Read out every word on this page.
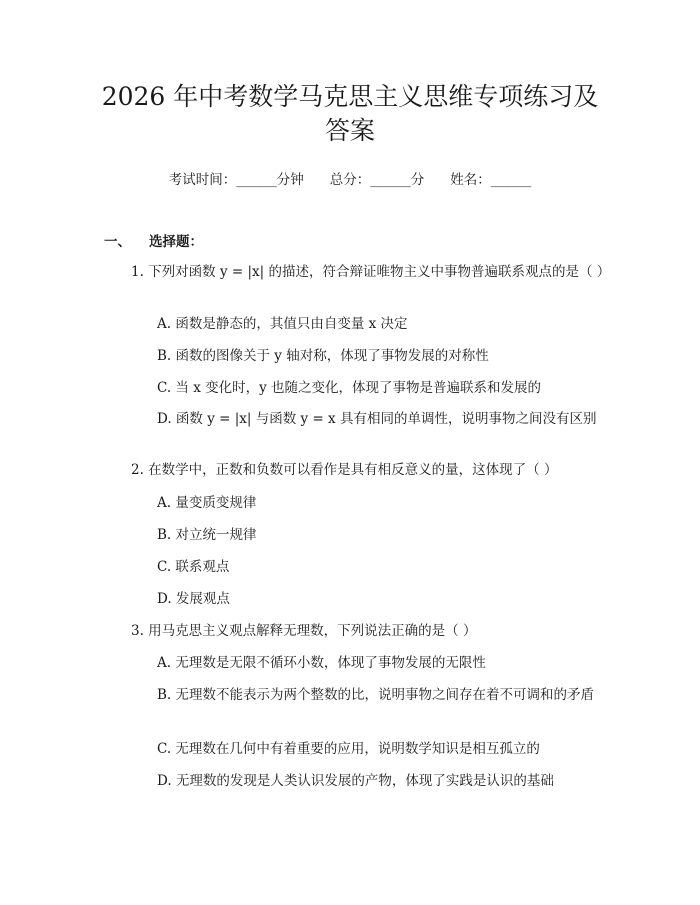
2026 年中考数学马克思主义思维专项练习及
答案
考试时间：______分钟 总分：______分 姓名：______
一、 选择题：
1. 下列对函数 y = |x| 的描述，符合辩证唯物主义中事物普遍联系观点的是（ ）
A. 函数是静态的，其值只由自变量 x 决定
B. 函数的图像关于 y 轴对称，体现了事物发展的对称性
C. 当 x 变化时，y 也随之变化，体现了事物是普遍联系和发展的
D. 函数 y = |x| 与函数 y = x 具有相同的单调性，说明事物之间没有区别
2. 在数学中，正数和负数可以看作是具有相反意义的量，这体现了（ ）
A. 量变质变规律
B. 对立统一规律
C. 联系观点
D. 发展观点
3. 用马克思主义观点解释无理数，下列说法正确的是（ ）
A. 无理数是无限不循环小数，体现了事物发展的无限性
B. 无理数不能表示为两个整数的比，说明事物之间存在着不可调和的矛盾
C. 无理数在几何中有着重要的应用，说明数学知识是相互孤立的
D. 无理数的发现是人类认识发展的产物，体现了实践是认识的基础
